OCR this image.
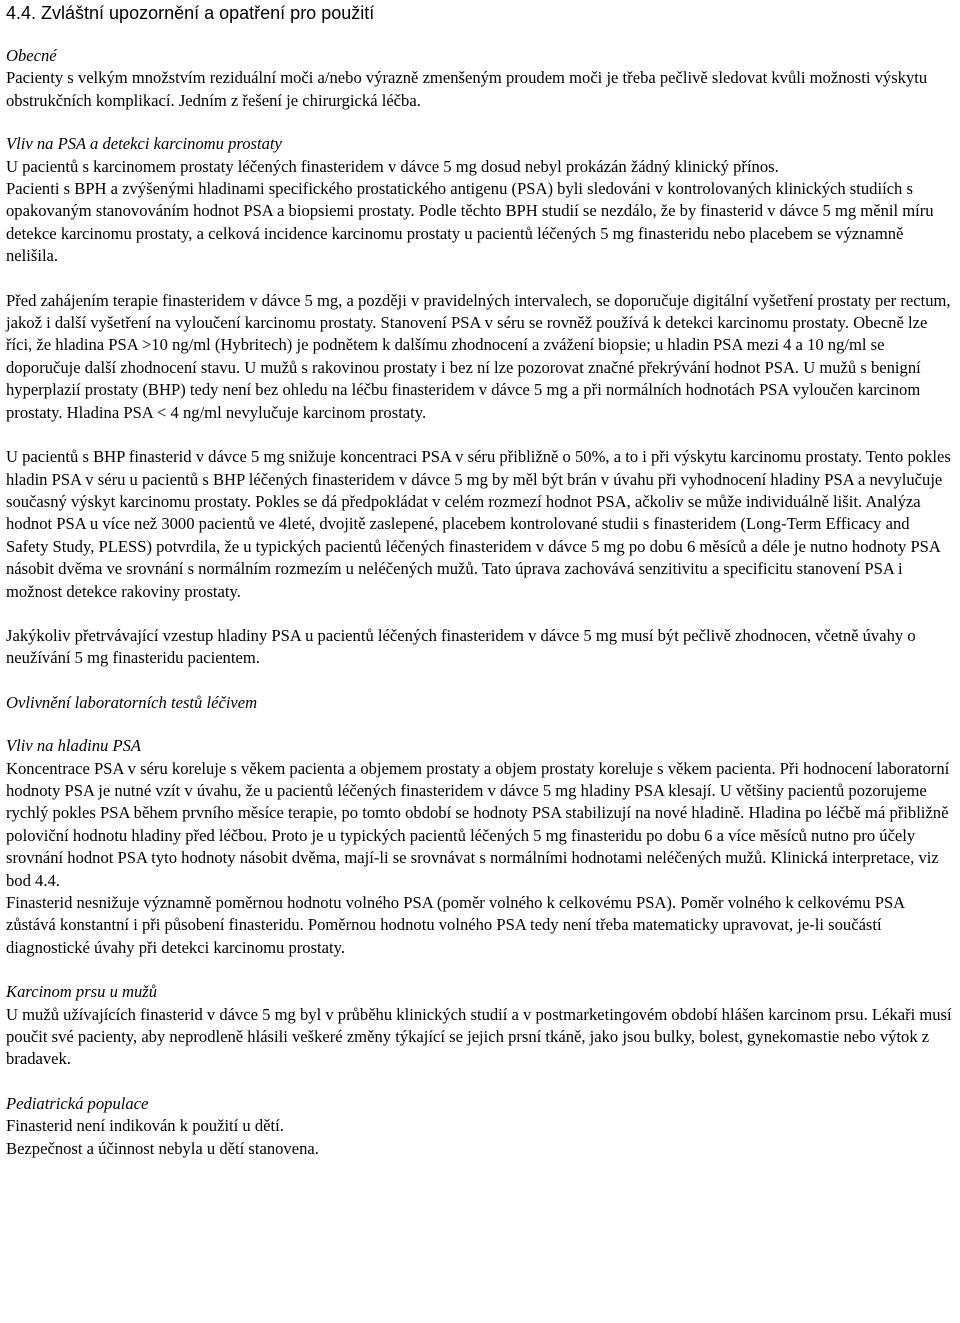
4.4. Zvláštní upozornění a opatření pro použití
Obecné

Pacienty s velkým množstvím reziduální moči a/nebo výrazně zmenšeným proudem moči je třeba pečlivě sledovat kvůli možnosti výskytu obstrukčních komplikací. Jedním z řešení je chirurgická léčba.

Vliv na PSA a detekci karcinomu prostaty

U pacientů s karcinomem prostaty léčených finasteridem v dávce 5 mg dosud nebyl prokázán žádný klinický přínos.

Pacienti s BPH a zvýšenými hladinami specifického prostatického antigenu (PSA) byli sledováni v kontrolovaných klinických studiích s opakovaným stanovováním hodnot PSA a biopsiemi prostaty. Podle těchto BPH studií se nezdálo, že by finasterid v dávce 5 mg měnil míru detekce karcinomu prostaty, a celková incidence karcinomu prostaty u pacientů léčených 5 mg finasteridu nebo placebem se významně nelišila.

Před zahájením terapie finasteridem v dávce 5 mg, a později v pravidelných intervalech, se doporučuje digitální vyšetření prostaty per rectum, jakož i další vyšetření na vyloučení karcinomu prostaty. Stanovení PSA v séru se rovněž používá k detekci karcinomu prostaty. Obecně lze říci, že hladina PSA >10 ng/ml (Hybritech) je podnětem k dalšímu zhodnocení a zvážení biopsie; u hladin PSA mezi 4 a 10 ng/ml se doporučuje další zhodnocení stavu. U mužů s rakovinou prostaty i bez ní lze pozorovat značné překrývání hodnot PSA. U mužů s benigní hyperplazií prostaty (BHP) tedy není bez ohledu na léčbu finasteridem v dávce 5 mg a při normálních hodnotách PSA vyloučen karcinom prostaty. Hladina PSA < 4 ng/ml nevylučuje karcinom prostaty.

U pacientů s BHP finasterid v dávce 5 mg snižuje koncentraci PSA v séru přibližně o 50%, a to i při výskytu karcinomu prostaty. Tento pokles hladin PSA v séru u pacientů s BHP léčených finasteridem v dávce 5 mg by měl být brán v úvahu při vyhodnocení hladiny PSA a nevylučuje současný výskyt karcinomu prostaty. Pokles se dá předpokládat v celém rozmezí hodnot PSA, ačkoliv se může individuálně lišit. Analýza hodnot PSA u více než 3000 pacientů ve 4leté, dvojitě zaslepené, placebem kontrolované studii s finasteridem (Long-Term Efficacy and Safety Study, PLESS) potvrdila, že u typických pacientů léčených finasteridem v dávce 5 mg po dobu 6 měsíců a déle je nutno hodnoty PSA násobit dvěma ve srovnání s normálním rozmezím u neléčených mužů. Tato úprava zachovává senzitivitu a specificitu stanovení PSA i možnost detekce rakoviny prostaty.

Jakýkoliv přetrvávající vzestup hladiny PSA u pacientů léčených finasteridem v dávce 5 mg musí být pečlivě zhodnocen, včetně úvahy o neužívání 5 mg finasteridu pacientem.

Ovlivnění laboratorních testů léčivem
Vliv na hladinu PSA

Koncentrace PSA v séru koreluje s věkem pacienta a objemem prostaty a objem prostaty koreluje s věkem pacienta. Při hodnocení laboratorní hodnoty PSA je nutné vzít v úvahu, že u pacientů léčených finasteridem v dávce 5 mg hladiny PSA klesají. U většiny pacientů pozorujeme rychlý pokles PSA během prvního měsíce terapie, po tomto období se hodnoty PSA stabilizují na nové hladině. Hladina po léčbě má přibližně poloviční hodnotu hladiny před léčbou. Proto je u typických pacientů léčených 5 mg finasteridu po dobu 6 a více měsíců nutno pro účely srovnání hodnot PSA tyto hodnoty násobit dvěma, mají-li se srovnávat s normálními hodnotami neléčených mužů. Klinická interpretace, viz bod 4.4.

Finasterid nesnižuje významně poměrnou hodnotu volného PSA (poměr volného k celkovému PSA). Poměr volného k celkovému PSA zůstává konstantní i při působení finasteridu. Poměrnou hodnotu volného PSA tedy není třeba matematicky upravovat, je-li součástí diagnostické úvahy při detekci karcinomu prostaty.

Karcinom prsu u mužů

U mužů užívajících finasterid v dávce 5 mg byl v průběhu klinických studií a v postmarketingovém období hlášen karcinom prsu. Lékaři musí poučit své pacienty, aby neprodleně hlásili veškeré změny týkající se jejich prsní tkáně, jako jsou bulky, bolest, gynekomastie nebo výtok z bradavek.

Pediatrická populace

Finasterid není indikován k použití u dětí.

Bezpečnost a účinnost nebyla u dětí stanovena.
